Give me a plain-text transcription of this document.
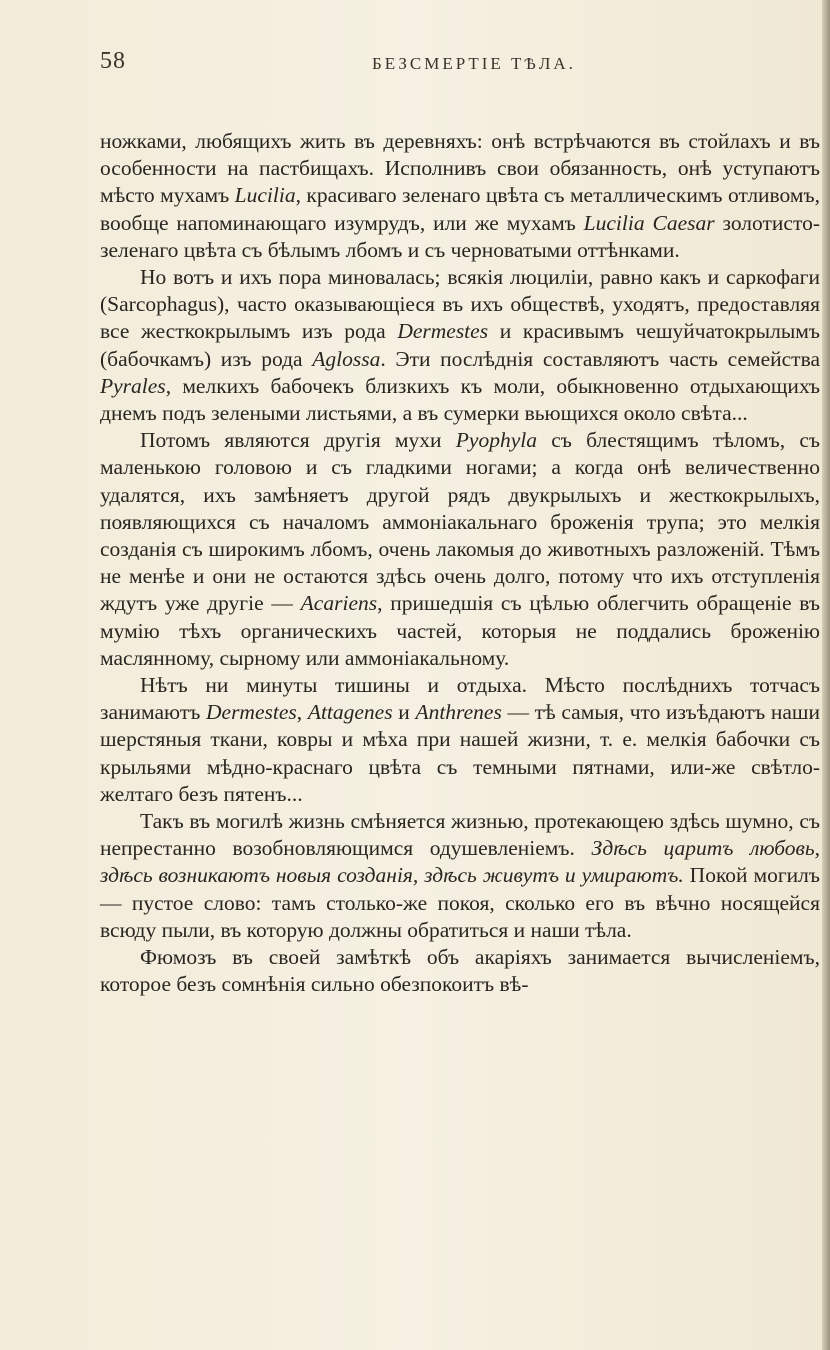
58	БЕЗСМЕРТІЕ ТѢЛА.

ножками, любящихъ жить въ деревняхъ: онѣ встрѣчаются въ стойлахъ и въ особенности на пастбищахъ. Исполнивъ свои обязанность, онѣ уступаютъ мѣсто мухамъ Lucilia, красиваго зеленаго цвѣта съ металлическимъ отливомъ, вообще напоминающаго изумрудъ, или же мухамъ Lucilia Caesar золотисто-зеленаго цвѣта съ бѣлымъ лбомъ и съ черноватыми оттѣнками.

Но вотъ и ихъ пора миновалась; всякія люциліи, равно какъ и саркофаги (Sarcophagus), часто оказывающіеся въ ихъ обществѣ, уходятъ, предоставляя все жесткокрылымъ изъ рода Dermestes и красивымъ чешуйчатокрылымъ (бабочкамъ) изъ рода Aglossa. Эти послѣднія составляютъ часть семейства Pyrales, мелкихъ бабочекъ близкихъ къ моли, обыкновенно отдыхающихъ днемъ подъ зелеными листьями, а въ сумерки вьющихся около свѣта...

Потомъ являются другія мухи Pyophyla съ блестящимъ тѣломъ, съ маленькою головою и съ гладкими ногами; а когда онѣ величественно удалятся, ихъ замѣняетъ другой рядъ двукрылыхъ и жесткокрылыхъ, появляющихся съ началомъ аммоніакальнаго броженія трупа; это мелкія созданія съ широкимъ лбомъ, очень лакомыя до животныхъ разложеній. Тѣмъ не менѣе и они не остаются здѣсь очень долго, потому что ихъ отступленія ждутъ уже другіе — Acariens, пришедшія съ цѣлью облегчить обращеніе въ мумію тѣхъ органическихъ частей, которыя не поддались броженію маслянному, сырному или аммоніакальному.

Нѣтъ ни минуты тишины и отдыха. Мѣсто послѣднихъ тотчасъ занимаютъ Dermestes, Attagenes и Anthrenes — тѣ самыя, что изъѣдаютъ наши шерстяныя ткани, ковры и мѣха при нашей жизни, т. е. мелкія бабочки съ крыльями мѣдно-краснаго цвѣта съ темными пятнами, или-же свѣтло-желтаго безъ пятенъ...

Такъ въ могилѣ жизнь смѣняется жизнью, протекающею здѣсь шумно, съ непрестанно возобновляющимся одушевленіемъ. Здѣсь царитъ любовь, здѣсь возникаютъ новыя созданія, здѣсь живутъ и умираютъ. Покой могилъ — пустое слово: тамъ столько-же покоя, сколько его въ вѣчно носящейся всюду пыли, въ которую должны обратиться и наши тѣла.

Фюмозъ въ своей замѣткѣ объ акаріяхъ занимается вычисленіемъ, которое безъ сомнѣнія сильно обезпокоитъ вѣ-
